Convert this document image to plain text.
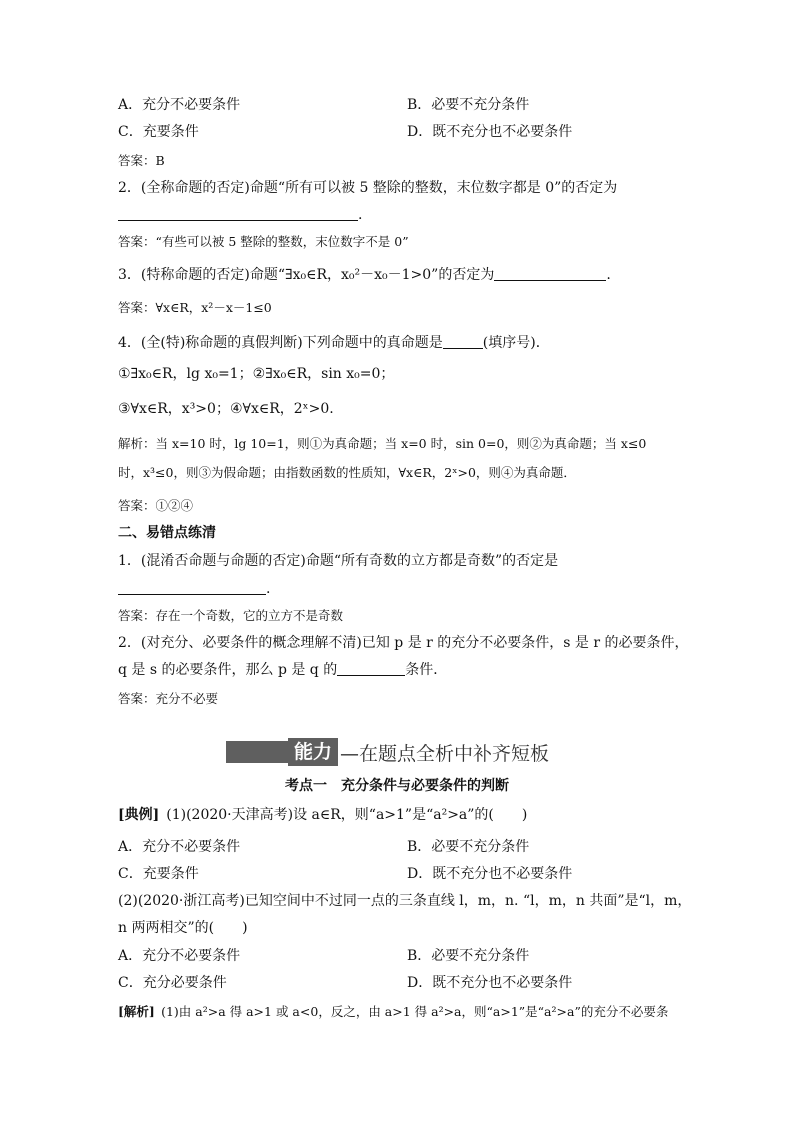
A．充分不必要条件	B．必要不充分条件
C．充要条件	D．既不充分也不必要条件
答案：B
2．(全称命题的否定)命题“所有可以被 5 整除的整数，末位数字都是 0”的否定为
.
答案：“有些可以被 5 整除的整数，末位数字不是 0”
3．(特称命题的否定)命题“∃x₀∈R，x₀²－x₀－1>0”的否定为	.
答案：∀x∈R，x²－x－1≤0
4．(全(特)称命题的真假判断)下列命题中的真命题是	(填序号)．
①∃x₀∈R，lg x₀=1；②∃x₀∈R，sin x₀=0；
③∀x∈R，x³>0；④∀x∈R，2ˣ>0.
解析：当 x=10 时，lg 10=1，则①为真命题；当 x=0 时，sin 0=0，则②为真命题；当 x≤0
时，x³≤0，则③为假命题；由指数函数的性质知，∀x∈R，2ˣ>0，则④为真命题．
答案：①②④
二、易错点练清
1．(混淆否命题与命题的否定)命题“所有奇数的立方都是奇数”的否定是
.
答案：存在一个奇数，它的立方不是奇数
2．(对充分、必要条件的概念理解不清)已知 p 是 r 的充分不必要条件，s 是 r 的必要条件，
q 是 s 的必要条件，那么 p 是 q 的	条件．
答案：充分不必要
能力 —在题点全析中补齐短板
考点一　充分条件与必要条件的判断
[典例]  (1)(2020·天津高考)设 a∈R，则“a>1”是“a²>a”的(　　)
A．充分不必要条件	B．必要不充分条件
C．充要条件	D．既不充分也不必要条件
(2)(2020·浙江高考)已知空间中不过同一点的三条直线 l，m，n. “l，m，n 共面”是“l，m，
n 两两相交”的(　　)
A．充分不必要条件	B．必要不充分条件
C．充分必要条件	D．既不充分也不必要条件
[解析]  (1)由 a²>a 得 a>1 或 a<0，反之，由 a>1 得 a²>a，则“a>1”是“a²>a”的充分不必要条
